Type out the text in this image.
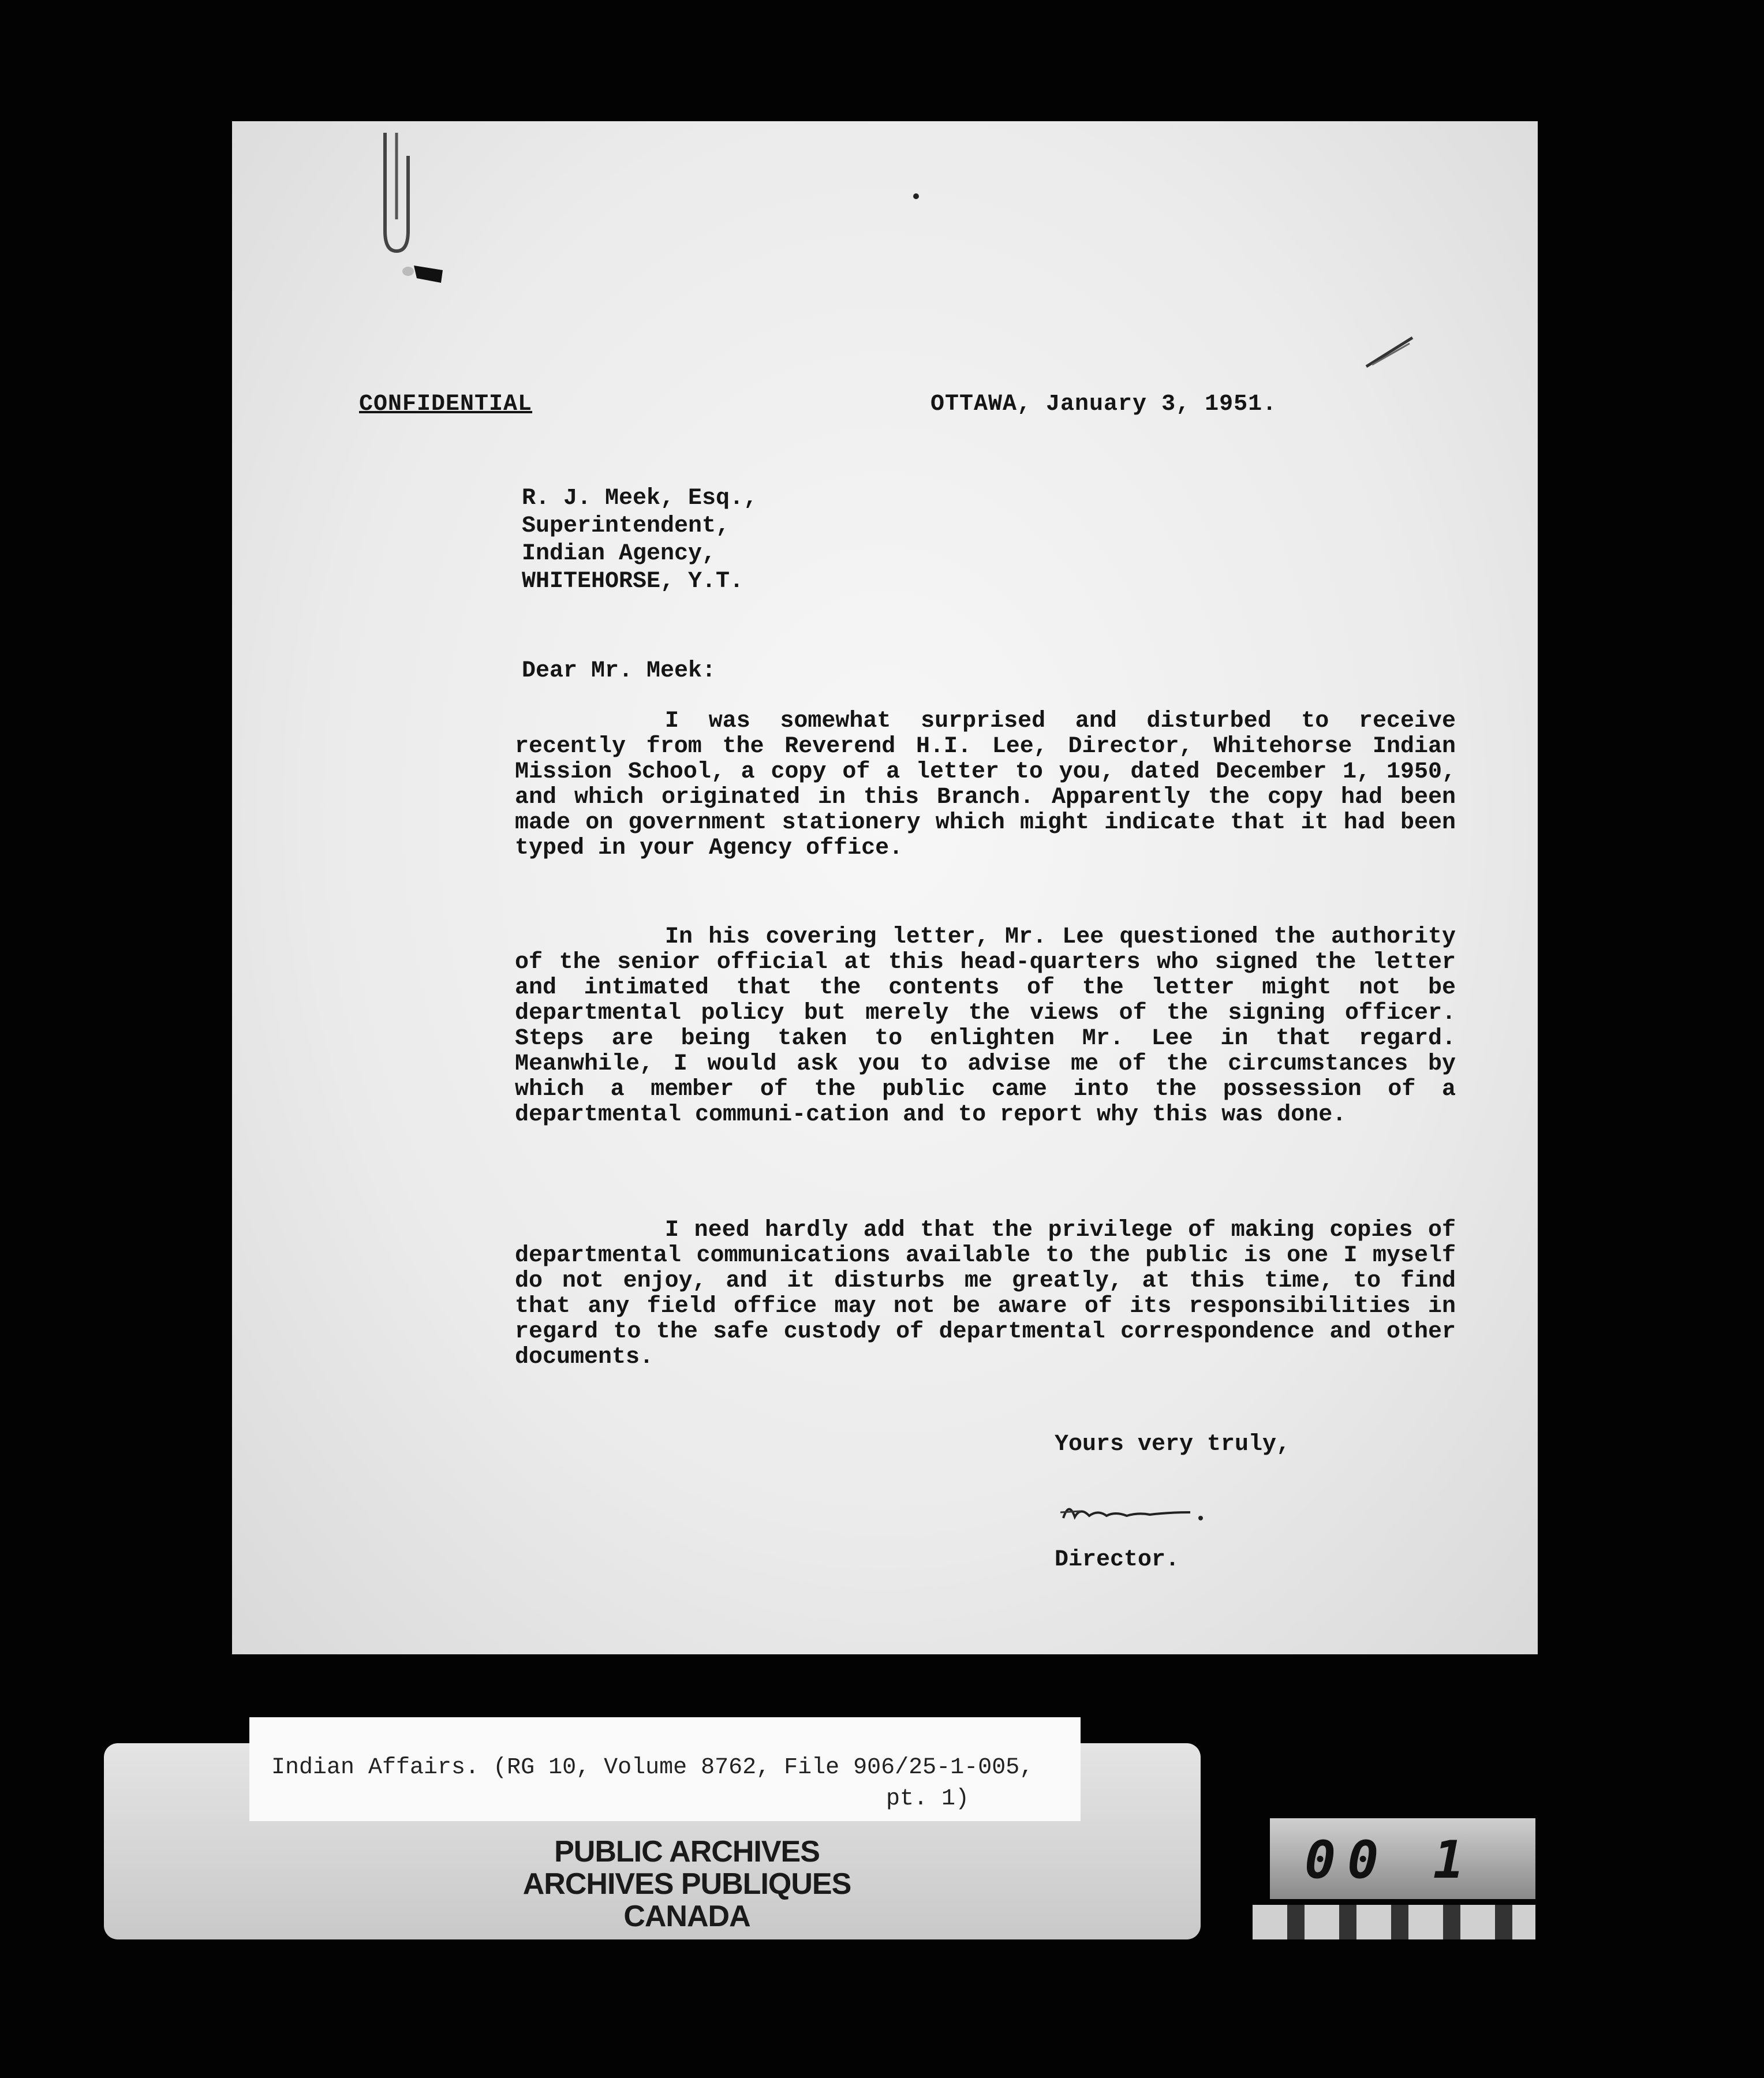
CONFIDENTIAL	OTTAWA, January 3, 1951.
R. J. Meek, Esq.,
Superintendent,
Indian Agency,
WHITEHORSE, Y.T.
Dear Mr. Meek:
I was somewhat surprised and disturbed to receive recently from the Reverend H.I. Lee, Director, Whitehorse Indian Mission School, a copy of a letter to you, dated December 1, 1950, and which originated in this Branch. Apparently the copy had been made on government stationery which might indicate that it had been typed in your Agency office.
In his covering letter, Mr. Lee questioned the authority of the senior official at this head-quarters who signed the letter and intimated that the contents of the letter might not be departmental policy but merely the views of the signing officer. Steps are being taken to enlighten Mr. Lee in that regard. Meanwhile, I would ask you to advise me of the circumstances by which a member of the public came into the possession of a departmental communi-cation and to report why this was done.
I need hardly add that the privilege of making copies of departmental communications available to the public is one I myself do not enjoy, and it disturbs me greatly, at this time, to find that any field office may not be aware of its responsibilities in regard to the safe custody of departmental correspondence and other documents.
Yours very truly,
Director.
Indian Affairs. (RG 10, Volume 8762, File 906/25-1-005,
pt. 1)
PUBLIC ARCHIVES
ARCHIVES PUBLIQUES
CANADA
00 1
